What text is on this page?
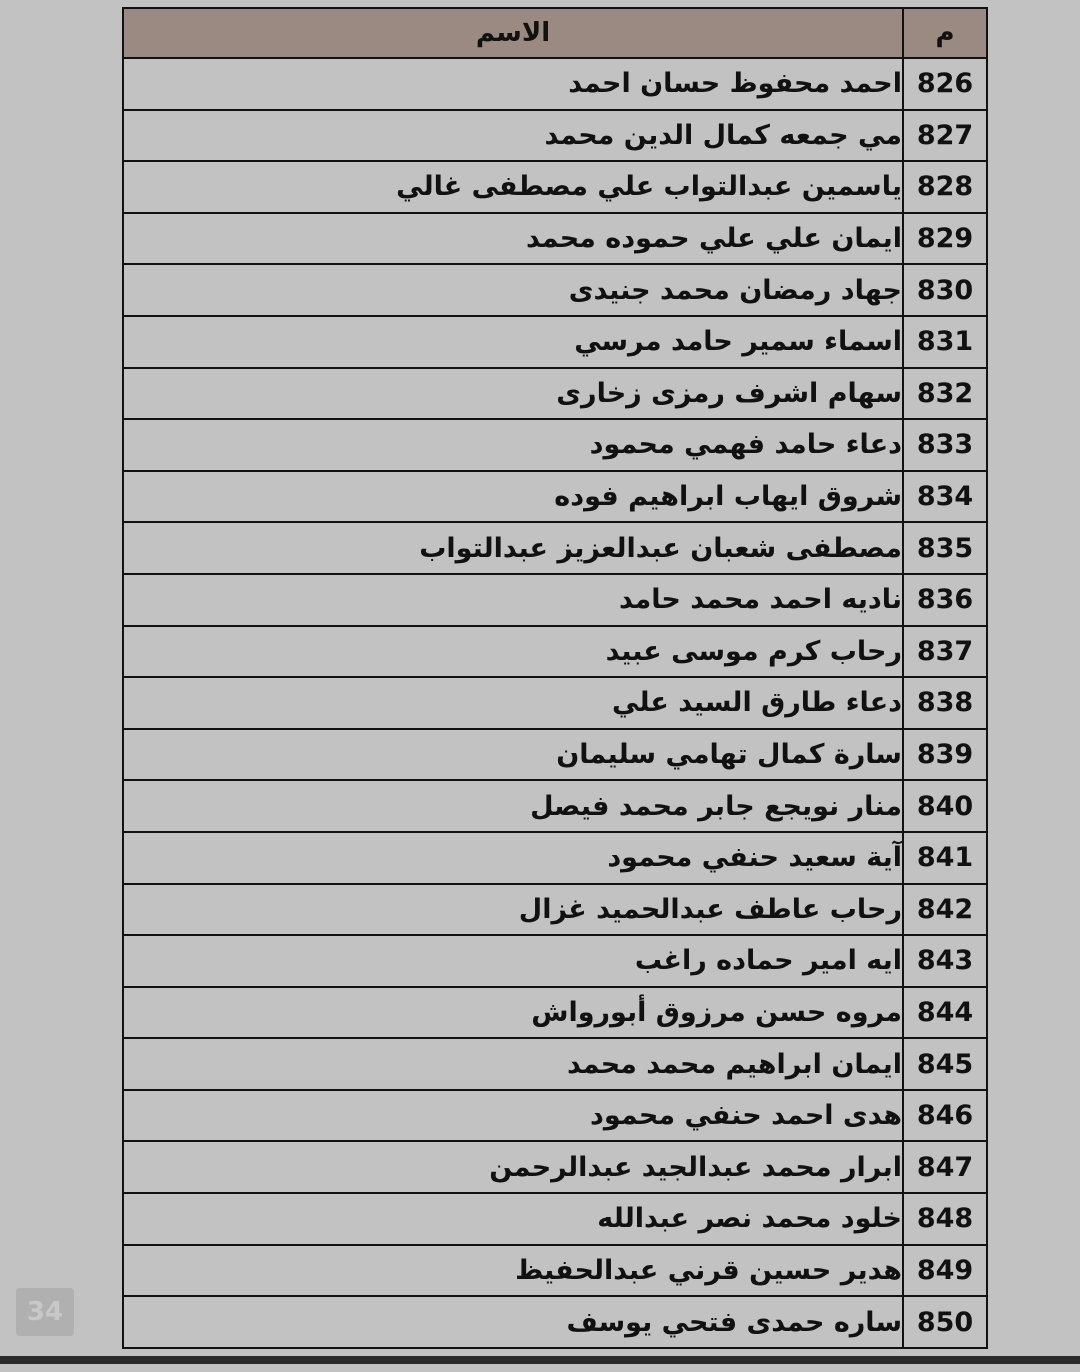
م	الاسم
826	احمد محفوظ حسان احمد
827	مي جمعه كمال الدين محمد
828	ياسمين عبدالتواب علي مصطفى غالي
829	ايمان علي علي حموده محمد
830	جهاد رمضان محمد جنيدى
831	اسماء سمير حامد مرسي
832	سهام اشرف رمزى زخارى
833	دعاء حامد فهمي محمود
834	شروق ايهاب ابراهيم فوده
835	مصطفى شعبان عبدالعزيز عبدالتواب
836	ناديه احمد محمد حامد
837	رحاب كرم موسى عبيد
838	دعاء طارق السيد علي
839	سارة كمال تهامي سليمان
840	منار نويجع جابر محمد فيصل
841	آية سعيد حنفي محمود
842	رحاب عاطف عبدالحميد غزال
843	ايه امير حماده راغب
844	مروه حسن مرزوق أبورواش
845	ايمان ابراهيم محمد محمد
846	هدى احمد حنفي محمود
847	ابرار محمد عبدالجيد عبدالرحمن
848	خلود محمد نصر عبدالله
849	هدير حسين قرني عبدالحفيظ
850	ساره حمدى فتحي يوسف
34
